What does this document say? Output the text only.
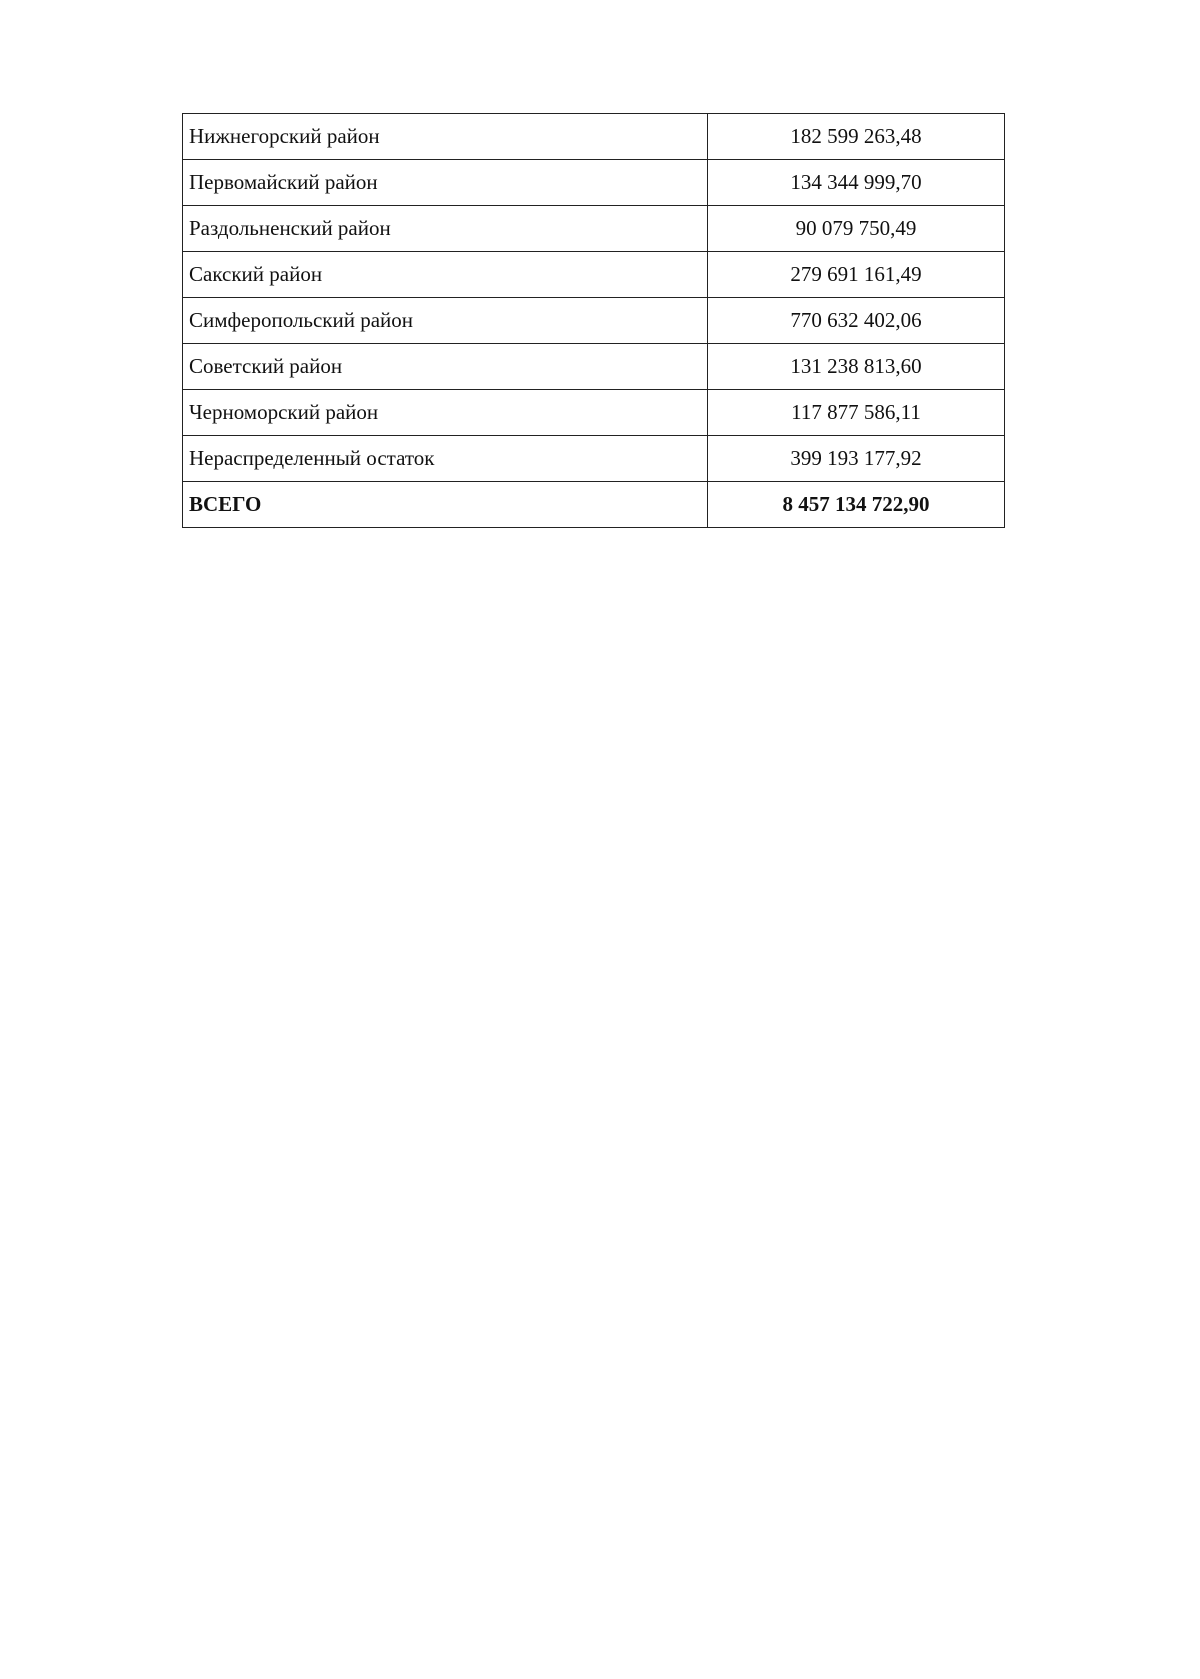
Нижнегорский район	182 599 263,48
Первомайский район	134 344 999,70
Раздольненский район	90 079 750,49
Сакский район	279 691 161,49
Симферопольский район	770 632 402,06
Советский район	131 238 813,60
Черноморский район	117 877 586,11
Нераспределенный остаток	399 193 177,92
ВСЕГО	8 457 134 722,90
